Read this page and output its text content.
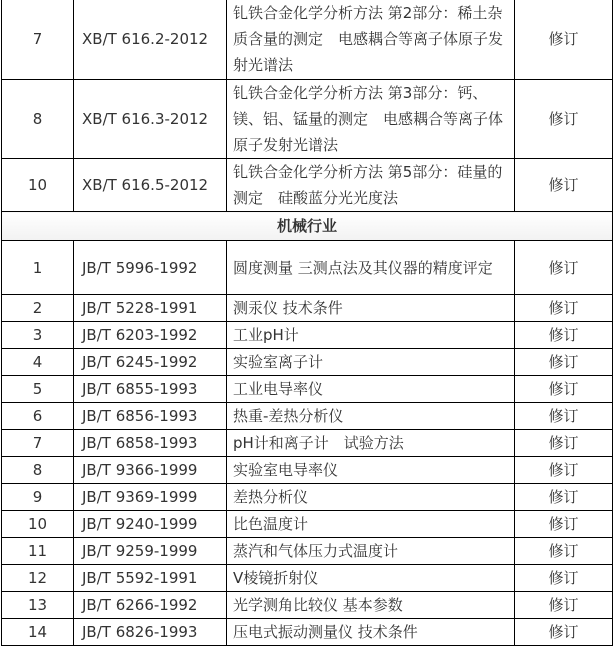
7	XB/T 616.2-2012	钆铁合金化学分析方法 第2部分：稀土杂质含量的测定　电感耦合等离子体原子发射光谱法	修订
8	XB/T 616.3-2012	钆铁合金化学分析方法 第3部分：钙、镁、铝、锰量的测定　电感耦合等离子体原子发射光谱法	修订
10	XB/T 616.5-2012	钆铁合金化学分析方法 第5部分：硅量的测定　硅酸蓝分光光度法	修订
机械行业			
1	JB/T 5996-1992	圆度测量 三测点法及其仪器的精度评定	修订
2	JB/T 5228-1991	测汞仪 技术条件	修订
3	JB/T 6203-1992	工业pH计	修订
4	JB/T 6245-1992	实验室离子计	修订
5	JB/T 6855-1993	工业电导率仪	修订
6	JB/T 6856-1993	热重-差热分析仪	修订
7	JB/T 6858-1993	pH计和离子计　试验方法	修订
8	JB/T 9366-1999	实验室电导率仪	修订
9	JB/T 9369-1999	差热分析仪	修订
10	JB/T 9240-1999	比色温度计	修订
11	JB/T 9259-1999	蒸汽和气体压力式温度计	修订
12	JB/T 5592-1991	V棱镜折射仪	修订
13	JB/T 6266-1992	光学测角比较仪 基本参数	修订
14	JB/T 6826-1993	压电式振动测量仪 技术条件	修订
